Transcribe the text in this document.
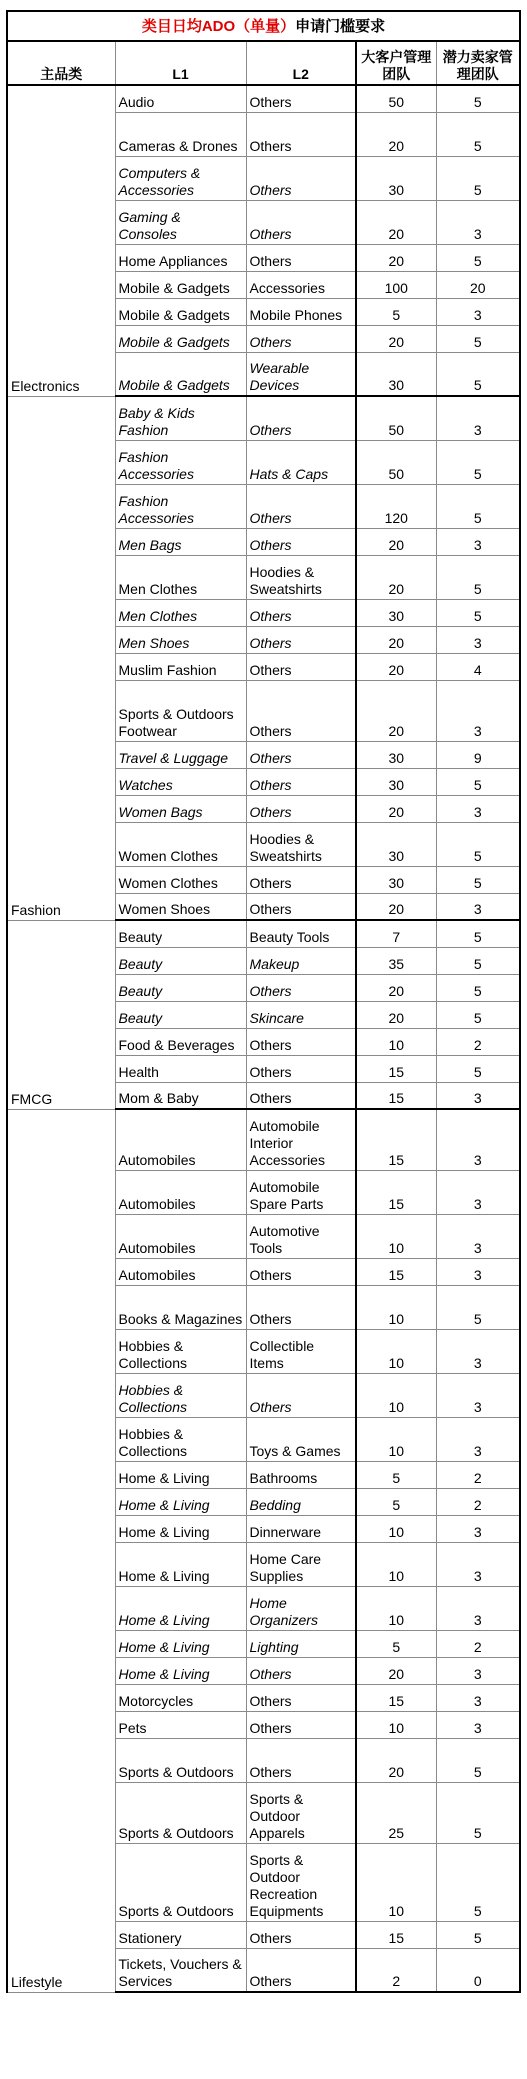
类目日均ADO（单量）申请门槛要求				
主品类	L1	L2	大客户管理团队	潜力卖家管理团队
Electronics	Audio	Others	50	5
	Cameras & Drones	Others	20	5
	Computers & Accessories	Others	30	5
	Gaming & Consoles	Others	20	3
	Home Appliances	Others	20	5
	Mobile & Gadgets	Accessories	100	20
	Mobile & Gadgets	Mobile Phones	5	3
	Mobile & Gadgets	Others	20	5
	Mobile & Gadgets	Wearable Devices	30	5
Fashion	Baby & Kids Fashion	Others	50	3
	Fashion Accessories	Hats & Caps	50	5
	Fashion Accessories	Others	120	5
	Men Bags	Others	20	3
	Men Clothes	Hoodies & Sweatshirts	20	5
	Men Clothes	Others	30	5
	Men Shoes	Others	20	3
	Muslim Fashion	Others	20	4
	Sports & Outdoors Footwear	Others	20	3
	Travel & Luggage	Others	30	9
	Watches	Others	30	5
	Women Bags	Others	20	3
	Women Clothes	Hoodies & Sweatshirts	30	5
	Women Clothes	Others	30	5
	Women Shoes	Others	20	3
FMCG	Beauty	Beauty Tools	7	5
	Beauty	Makeup	35	5
	Beauty	Others	20	5
	Beauty	Skincare	20	5
	Food & Beverages	Others	10	2
	Health	Others	15	5
	Mom & Baby	Others	15	3
Lifestyle	Automobiles	Automobile Interior Accessories	15	3
	Automobiles	Automobile Spare Parts	15	3
	Automobiles	Automotive Tools	10	3
	Automobiles	Others	15	3
	Books & Magazines	Others	10	5
	Hobbies & Collections	Collectible Items	10	3
	Hobbies & Collections	Others	10	3
	Hobbies & Collections	Toys & Games	10	3
	Home & Living	Bathrooms	5	2
	Home & Living	Bedding	5	2
	Home & Living	Dinnerware	10	3
	Home & Living	Home Care Supplies	10	3
	Home & Living	Home Organizers	10	3
	Home & Living	Lighting	5	2
	Home & Living	Others	20	3
	Motorcycles	Others	15	3
	Pets	Others	10	3
	Sports & Outdoors	Others	20	5
	Sports & Outdoors	Sports & Outdoor Apparels	25	5
	Sports & Outdoors	Sports & Outdoor Recreation Equipments	10	5
	Stationery	Others	15	5
	Tickets, Vouchers & Services	Others	2	0
